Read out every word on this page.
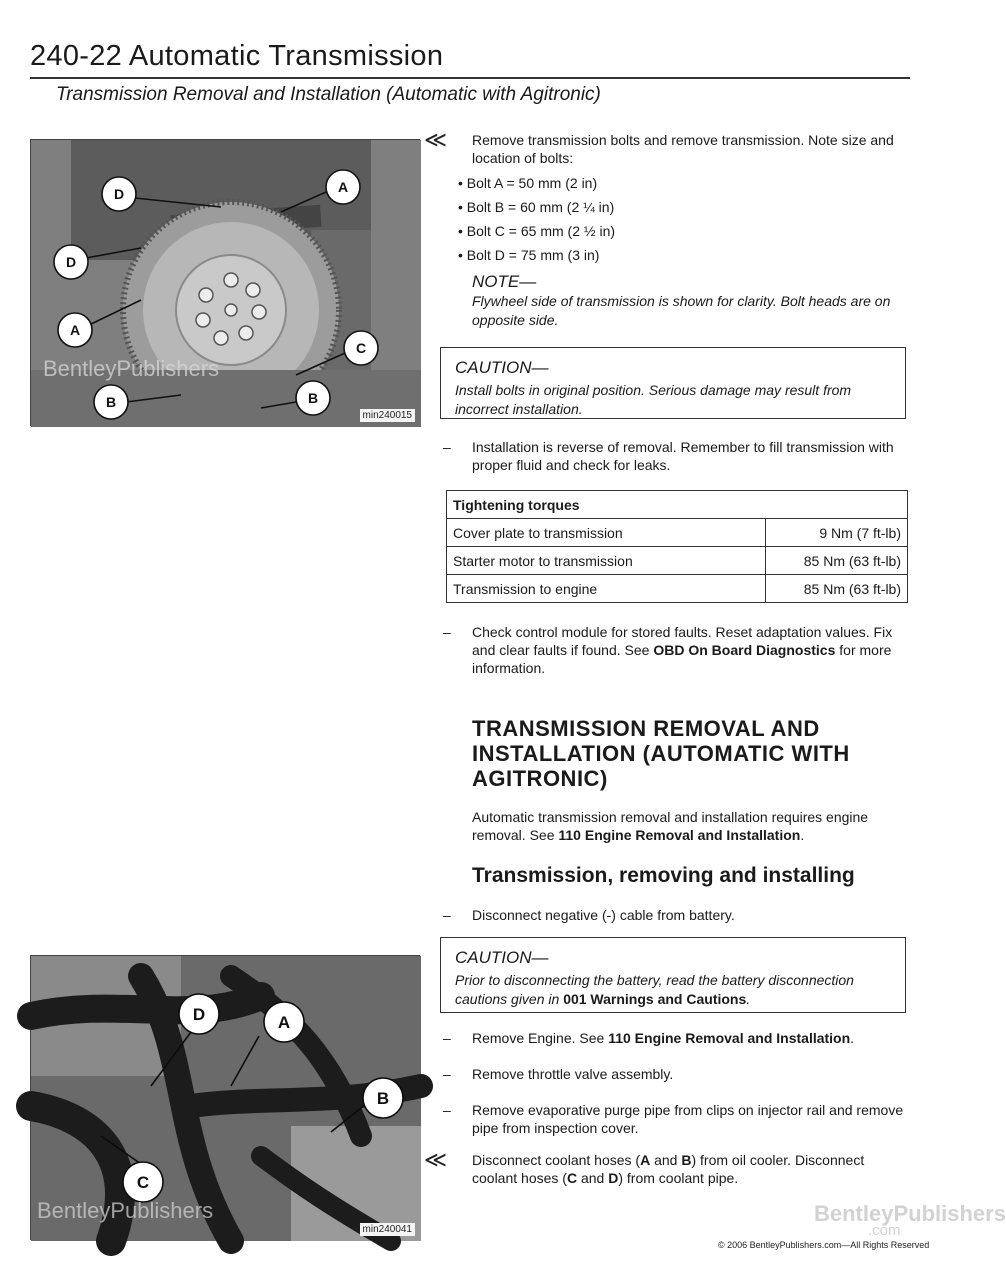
240-22 Automatic Transmission
Transmission Removal and Installation (Automatic with Agitronic)
D	A
D
A
C
B	B
BentleyPublishers
min240015
≪ Remove transmission bolts and remove transmission. Note size and location of bolts:
• Bolt A = 50 mm (2 in)
• Bolt B = 60 mm (2 ¼ in)
• Bolt C = 65 mm (2 ½ in)
• Bolt D = 75 mm (3 in)
NOTE—
Flywheel side of transmission is shown for clarity. Bolt heads are on opposite side.
CAUTION—
Install bolts in original position. Serious damage may result from incorrect installation.
– Installation is reverse of removal. Remember to fill transmission with proper fluid and check for leaks.
Tightening torques	
Cover plate to transmission	9 Nm (7 ft-lb)
Starter motor to transmission	85 Nm (63 ft-lb)
Transmission to engine	85 Nm (63 ft-lb)
– Check control module for stored faults. Reset adaptation values. Fix and clear faults if found. See OBD On Board Diagnostics for more information.
TRANSMISSION REMOVAL AND INSTALLATION (AUTOMATIC WITH AGITRONIC)
Automatic transmission removal and installation requires engine removal. See 110 Engine Removal and Installation.
Transmission, removing and installing
– Disconnect negative (-) cable from battery.
CAUTION—
Prior to disconnecting the battery, read the battery disconnection cautions given in 001 Warnings and Cautions.
– Remove Engine. See 110 Engine Removal and Installation.
– Remove throttle valve assembly.
– Remove evaporative purge pipe from clips on injector rail and remove pipe from inspection cover.
≪ Disconnect coolant hoses (A and B) from oil cooler. Disconnect coolant hoses (C and D) from coolant pipe.
D	A
B
C
BentleyPublishers
min240041
BentleyPublishers
.com
© 2006 BentleyPublishers.com—All Rights Reserved
